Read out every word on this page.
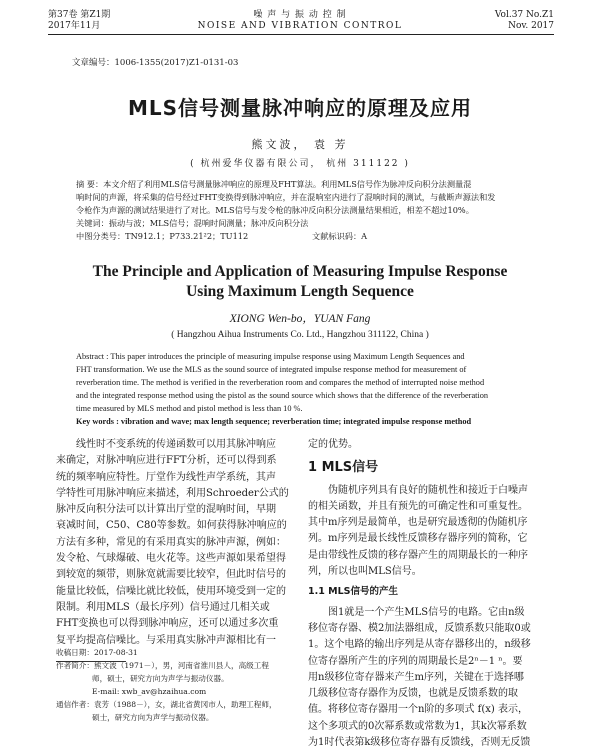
第37卷 第Z1期
2017年11月
噪 声 与 振 动 控 制
NOISE AND VIBRATION CONTROL
Vol.37 No.Z1
Nov. 2017
文章编号：1006-1355(2017)Z1-0131-03
MLS信号测量脉冲响应的原理及应用
熊文波， 袁 芳
( 杭州爱华仪器有限公司， 杭州 311122 )
摘 要：本文介绍了利用MLS信号测量脉冲响应的原理及FHT算法。利用MLS信号作为脉冲反向积分法测量混
响时间的声源，将采集的信号经过FHT变换得到脉冲响应，并在混响室内进行了混响时间的测试，与截断声源法和发
令枪作为声源的测试结果进行了对比。MLS信号与发令枪的脉冲反向积分法测量结果相近，相差不超过10%。
关键词：振动与波；MLS信号；混响时间测量；脉冲反向积分法
中图分类号：TN912.1；P733.21²2；TU112	文献标识码：A
The Principle and Application of Measuring Impulse Response
Using Maximum Length Sequence
XIONG Wen-bo，YUAN Fang
( Hangzhou Aihua Instruments Co. Ltd., Hangzhou 311122, China )
Abstract : This paper introduces the principle of measuring impulse response using Maximum Length Sequences and
FHT transformation. We use the MLS as the sound source of integrated impulse response method for measurement of
reverberation time. The method is verified in the reverberation room and compares the method of interrupted noise method
and the integrated response method using the pistol as the sound source which shows that the difference of the reverberation
time measured by MLS method and pistol method is less than 10 %.
Key words : vibration and wave; max length sequence; reverberation time; integrated impulse response method
线性时不变系统的传递函数可以用其脉冲响应
来确定，对脉冲响应进行FFT分析，还可以得到系
统的频率响应特性。厅堂作为线性声学系统，其声
学特性可用脉冲响应来描述，利用Schroeder公式的
脉冲反向积分法可以计算出厅堂的混响时间，早期
衰减时间，C50、C80等参数。如何获得脉冲响应的
方法有多种，常见的有采用真实的脉冲声源，例如：
发令枪、气球爆破、电火花等。这些声源如果希望得
到较宽的频带，则脉宽就需要比较窄，但此时信号的
能量比较低，信噪比就比较低，使用环境受到一定的
限制。利用MLS（最长序列）信号通过几相关或
FHT变换也可以得到脉冲响应，还可以通过多次重
复平均提高信噪比。与采用真实脉冲声源相比有一
收稿日期：2017-08-31
作者简介：熊文波（1971－），男，河南省淮川县人，高级工程
师，硕士，研究方向为声学与振动仪器。
E-mail: xwb_av@hzaihua.com
通信作者：袁芳（1988－），女，湖北省黄冈市人，助理工程师，
硕士，研究方向为声学与振动仪器。
定的优势。
1 MLS信号
伪随机序列具有良好的随机性和接近于白噪声
的相关函数，并且有预先的可确定性和可重复性。
其中m序列是最简单，也是研究最透彻的伪随机序
列。m序列是最长线性反馈移存器序列的简称，它
是由带线性反馈的移存器产生的周期最长的一种序
列，所以也叫MLS信号。
1.1 MLS信号的产生
图1就是一个产生MLS信号的电路。它由n级
移位寄存器、模2加法器组成，反馈系数只能取0或
1。这个电路的输出序列是从寄存器移出的，n级移
位寄存器所产生的序列的周期最长是2ⁿ－1 ⁿ。要
用n级移位寄存器来产生m序列，关键在于选择哪
几级移位寄存器作为反馈，也就是反馈系数的取
值。将移位寄存器用一个n阶的多项式 f(x) 表示，
这个多项式的0次幂系数或常数为1，其k次幂系数
为1时代表第k级移位寄存器有反馈线，否则无反馈
